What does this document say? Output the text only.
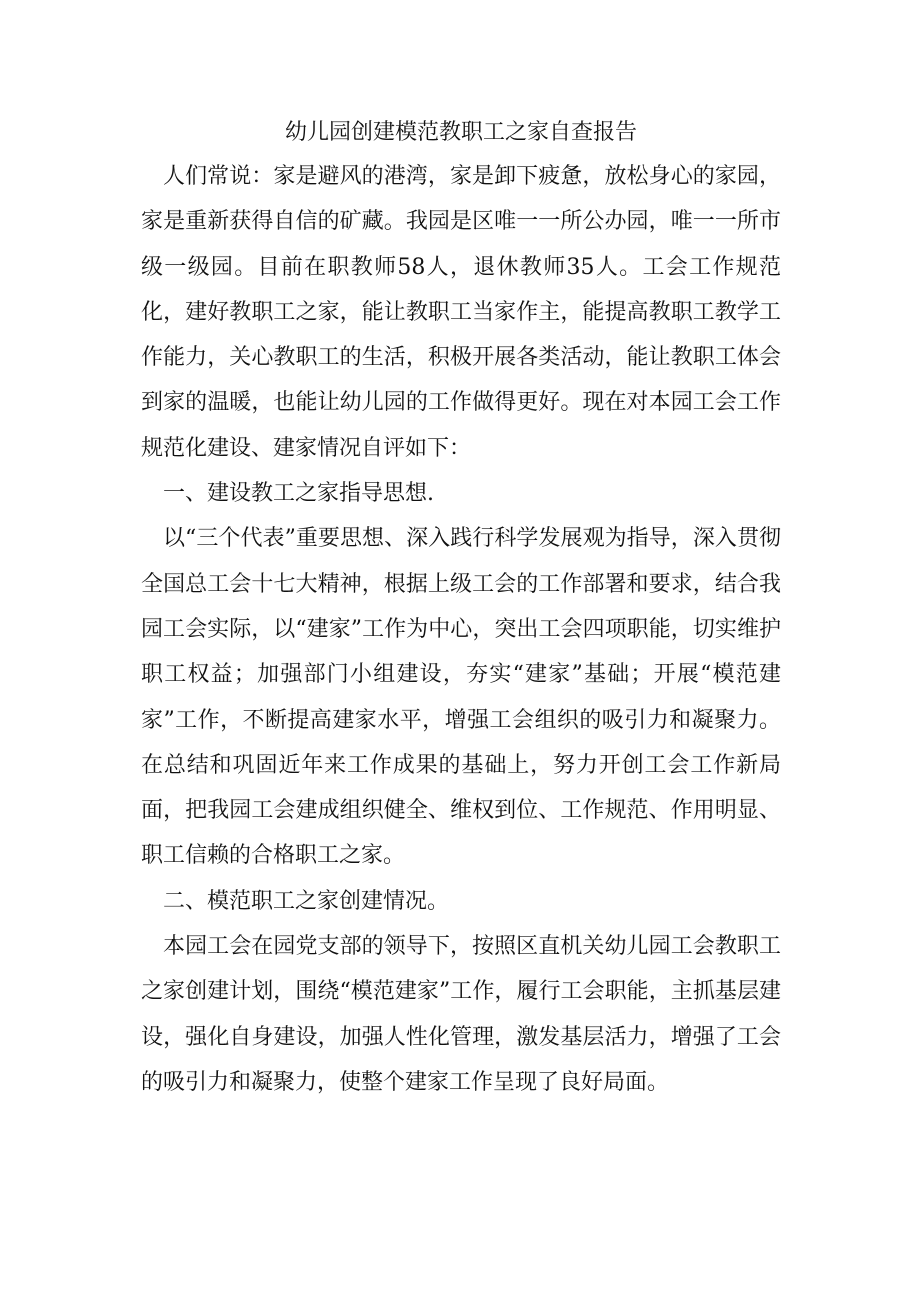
幼儿园创建模范教职工之家自查报告

人们常说：家是避风的港湾，家是卸下疲惫，放松身心的家园，家是重新获得自信的矿藏。我园是区唯一一所公办园，唯一一所市级一级园。目前在职教师58人，退休教师35人。工会工作规范化，建好教职工之家，能让教职工当家作主，能提高教职工教学工作能力，关心教职工的生活，积极开展各类活动，能让教职工体会到家的温暖，也能让幼儿园的工作做得更好。现在对本园工会工作规范化建设、建家情况自评如下：

一、建设教工之家指导思想.

以“三个代表”重要思想、深入践行科学发展观为指导，深入贯彻全国总工会十七大精神，根据上级工会的工作部署和要求，结合我园工会实际，以“建家”工作为中心，突出工会四项职能，切实维护职工权益；加强部门小组建设，夯实“建家”基础；开展“模范建家”工作，不断提高建家水平，增强工会组织的吸引力和凝聚力。在总结和巩固近年来工作成果的基础上，努力开创工会工作新局面，把我园工会建成组织健全、维权到位、工作规范、作用明显、职工信赖的合格职工之家。

二、模范职工之家创建情况。

本园工会在园党支部的领导下，按照区直机关幼儿园工会教职工之家创建计划，围绕“模范建家”工作，履行工会职能，主抓基层建设，强化自身建设，加强人性化管理，激发基层活力，增强了工会的吸引力和凝聚力，使整个建家工作呈现了良好局面。
